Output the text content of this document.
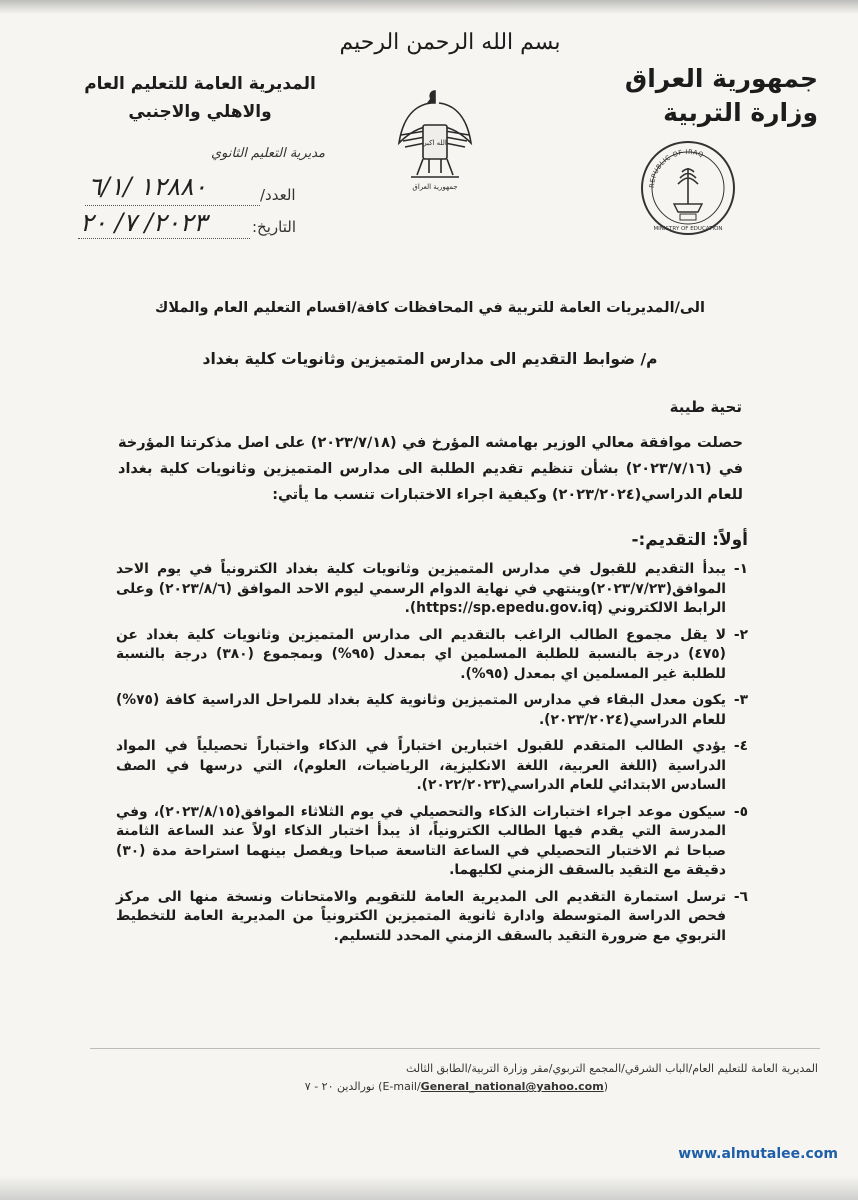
بسم الله الرحمن الرحيم
جمهورية العراق
وزارة التربية
المديرية العامة للتعليم العام
والاهلي والاجنبي
مديرية التعليم الثانوي
العدد/
١٢٨٨٠ /٦/١
التاريخ:
٢٠٢٣/ ٧/ ٢٠
الله اكبر
جمهورية العراق	REPUBLIC OF IRAQ
MINISTRY OF EDUCATION
الى/المديريات العامة للتربية في المحافظات كافة/اقسام التعليم العام والملاك
م/ ضوابط التقديم الى مدارس المتميزين وثانويات كلية بغداد
تحية طيبة
حصلت موافقة معالي الوزير بهامشه المؤرخ في (٢٠٢٣/٧/١٨) على اصل مذكرتنا المؤرخة في (٢٠٢٣/٧/١٦) بشأن تنظيم تقديم الطلبة الى مدارس المتميزين وثانويات كلية بغداد للعام الدراسي(٢٠٢٣/٢٠٢٤) وكيفية اجراء الاختبارات تنسب ما يأتي:
أولاً: التقديم:-
١-
يبدأ التقديم للقبول في مدارس المتميزين وثانويات كلية بغداد الكترونياً في يوم الاحد الموافق(٢٠٢٣/٧/٢٣)وينتهي في نهاية الدوام الرسمي ليوم الاحد الموافق (٢٠٢٣/٨/٦) وعلى الرابط الالكتروني (https://sp.epedu.gov.iq).
٢-
لا يقل مجموع الطالب الراغب بالتقديم الى مدارس المتميزين وثانويات كلية بغداد عن (٤٧٥) درجة بالنسبة للطلبة المسلمين اي بمعدل (٩٥%) وبمجموع (٣٨٠) درجة بالنسبة للطلبة غير المسلمين اي بمعدل (٩٥%).
٣-
يكون معدل البقاء في مدارس المتميزين وثانوية كلية بغداد للمراحل الدراسية كافة (٧٥%) للعام الدراسي(٢٠٢٣/٢٠٢٤).
٤-
يؤدي الطالب المتقدم للقبول اختبارين اختباراً في الذكاء واختباراً تحصيلياً في المواد الدراسية (اللغة العربية، اللغة الانكليزية، الرياضيات، العلوم)، التي درسها في الصف السادس الابتدائي للعام الدراسي(٢٠٢٢/٢٠٢٣).
٥-
سيكون موعد اجراء اختبارات الذكاء والتحصيلي في يوم الثلاثاء الموافق(٢٠٢٣/٨/١٥)، وفي المدرسة التي يقدم فيها الطالب الكترونياً، اذ يبدأ اختبار الذكاء اولاً عند الساعة الثامنة صباحا ثم الاختبار التحصيلي في الساعة التاسعة صباحا ويفصل بينهما استراحة مدة (٣٠) دقيقة مع التقيد بالسقف الزمني لكليهما.
٦-
ترسل استمارة التقديم الى المديرية العامة للتقويم والامتحانات ونسخة منها الى مركز فحص الدراسة المتوسطة وادارة ثانوية المتميزين الكترونياً من المديرية العامة للتخطيط التربوي مع ضرورة التقيد بالسقف الزمني المحدد للتسليم.
المديرية العامة للتعليم العام/الباب الشرقي/المجمع التربوي/مقر وزارة التربية/الطابق الثالث
(E-mail/General_national@yahoo.com) نورالدين ٢٠ - ٧
www.almutalee.com
